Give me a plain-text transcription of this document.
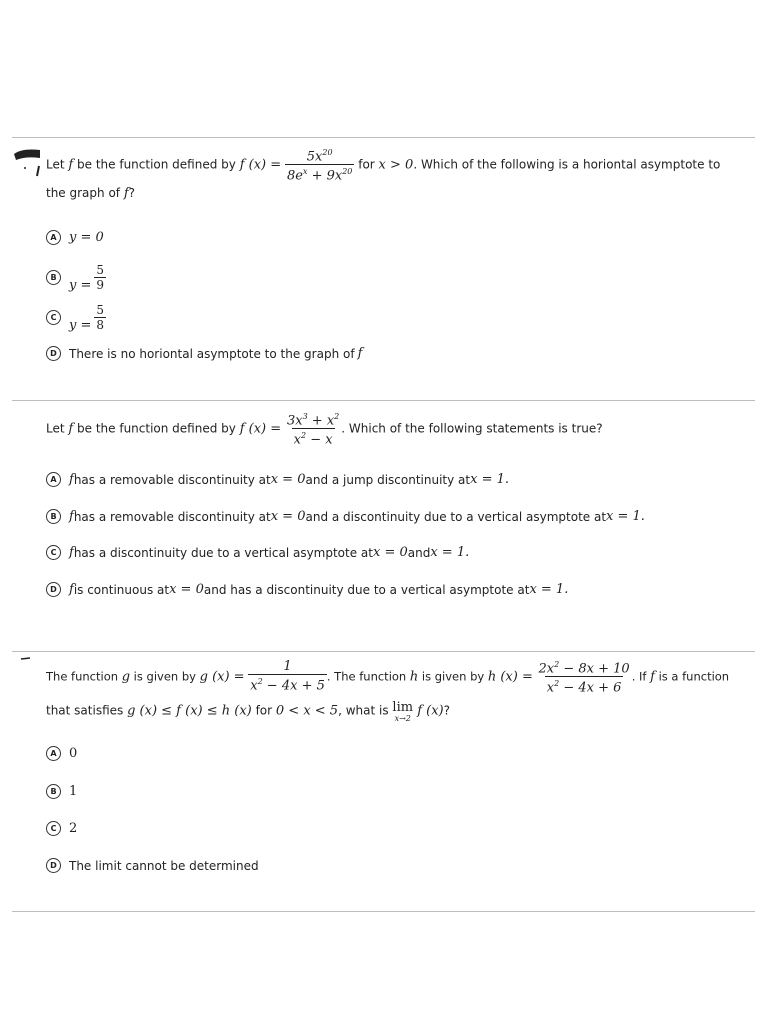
Let f be the function defined by f $(x) = \frac{5x^{20}}{8e^x + 9x^{20}}$ for x > 0. Which of the following is a horiontal asymptote to
the graph of f?
A y = 0
B
$y = \frac{5}{9}$
C
$y = \frac{5}{8}$
D	There is no horiontal asymptote to the graph of f
Let f be the function defined by f $(x) = \frac{3x^3 + x^2}{x^2 - x}$ . Which of the following statements is true?
A f has a removable discontinuity at x = 0 and a jump discontinuity at x = 1.
B f has a removable discontinuity at x = 0 and a discontinuity due to a vertical asymptote at x = 1.
C f has a discontinuity due to a vertical asymptote at x = 0 and x = 1.
D f is continuous at x = 0 and has a discontinuity due to a vertical asymptote at x = 1.
The function g is given by g $(x) = \frac{1}{x^2 - 4x + 5}$ . The function h is given by h $(x) = \frac{2x^2 - 8x + 10}{x^2 - 4x + 6}$ . If f is a function
that satisfies g (x) ≤ f (x) ≤ h (x) for 0 < x < 5, what is lim
x→2 f (x)?
A 0
B 1
C 2
D	The limit cannot be determined
